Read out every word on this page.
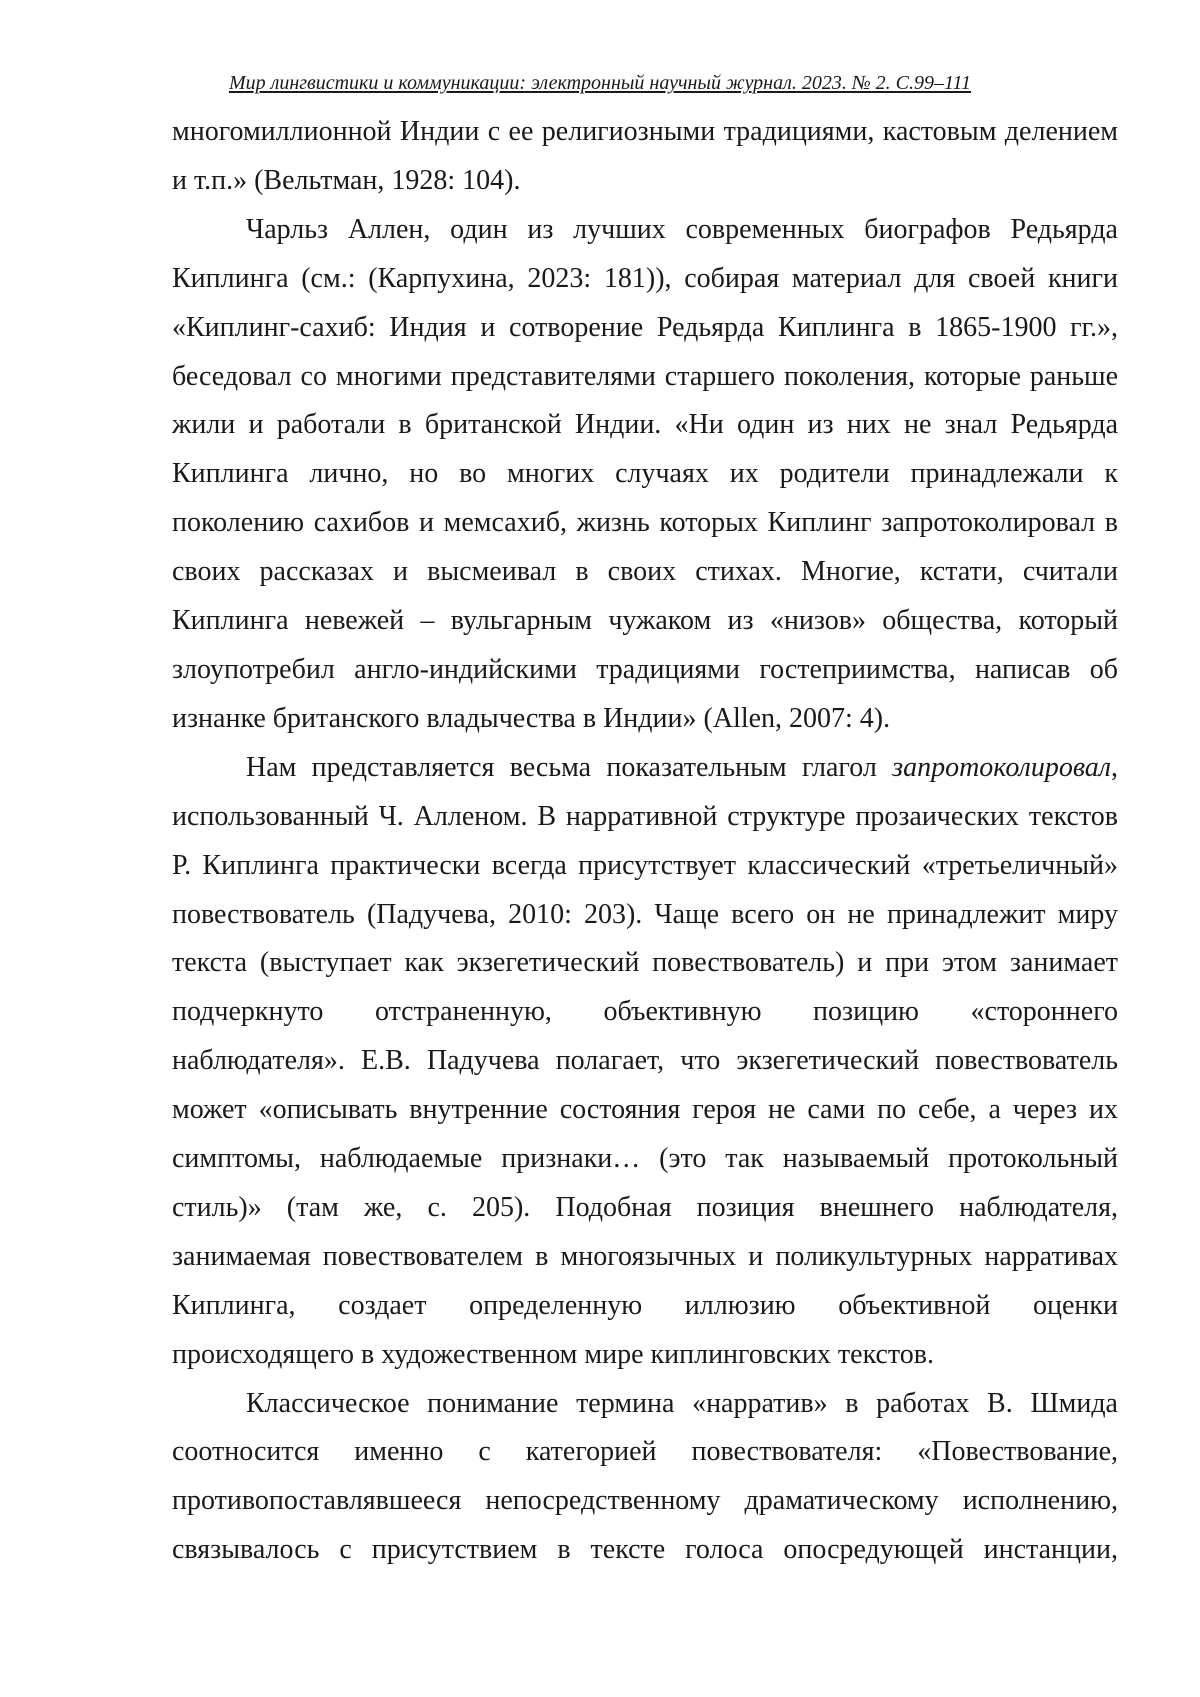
Мир лингвистики и коммуникации: электронный научный журнал. 2023. № 2. С.99–111

многомиллионной Индии с ее религиозными традициями, кастовым делением и т.п.» (Вельтман, 1928: 104).

Чарльз Аллен, один из лучших современных биографов Редьярда Киплинга (см.: (Карпухина, 2023: 181)), собирая материал для своей книги «Киплинг-сахиб: Индия и сотворение Редьярда Киплинга в 1865-1900 гг.», беседовал со многими представителями старшего поколения, которые раньше жили и работали в британской Индии. «Ни один из них не знал Редьярда Киплинга лично, но во многих случаях их родители принадлежали к поколению сахибов и мемсахиб, жизнь которых Киплинг запротоколировал в своих рассказах и высмеивал в своих стихах. Многие, кстати, считали Киплинга невежей – вульгарным чужаком из «низов» общества, который злоупотребил англо-индийскими традициями гостеприимства, написав об изнанке британского владычества в Индии» (Allen, 2007: 4).

Нам представляется весьма показательным глагол запротоколировал, использованный Ч. Алленом. В нарративной структуре прозаических текстов Р. Киплинга практически всегда присутствует классический «третьеличный» повествователь (Падучева, 2010: 203). Чаще всего он не принадлежит миру текста (выступает как экзегетический повествователь) и при этом занимает подчеркнуто отстраненную, объективную позицию «стороннего наблюдателя». Е.В. Падучева полагает, что экзегетический повествователь может «описывать внутренние состояния героя не сами по себе, а через их симптомы, наблюдаемые признаки… (это так называемый протокольный стиль)» (там же, с. 205). Подобная позиция внешнего наблюдателя, занимаемая повествователем в многоязычных и поликультурных нарративах Киплинга, создает определенную иллюзию объективной оценки происходящего в художественном мире киплинговских текстов.

Классическое понимание термина «нарратив» в работах В. Шмида соотносится именно с категорией повествователя: «Повествование, противопоставлявшееся непосредственному драматическому исполнению, связывалось с присутствием в тексте голоса опосредующей инстанции,
